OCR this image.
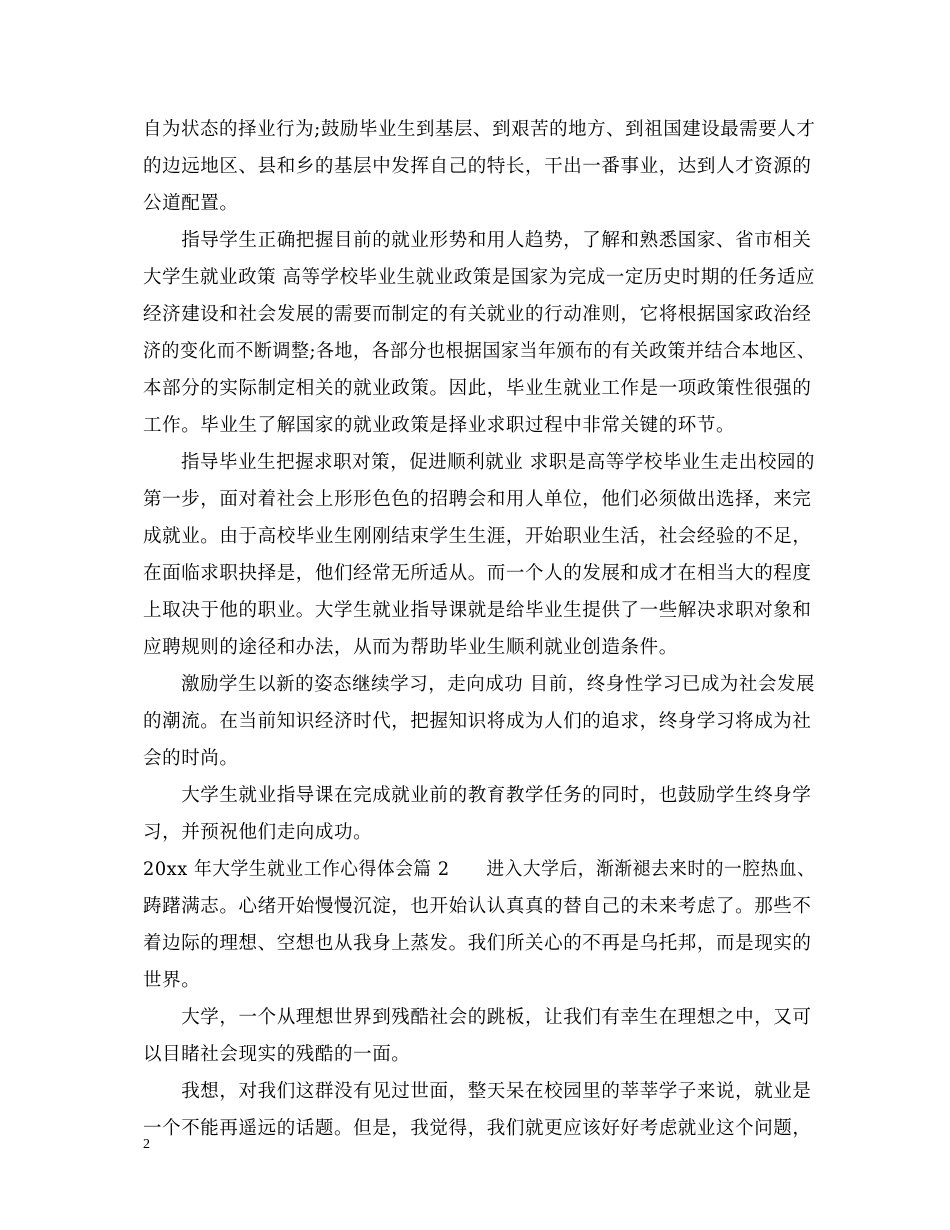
自为状态的择业行为;鼓励毕业生到基层、到艰苦的地方、到祖国建设最需要人才
的边远地区、县和乡的基层中发挥自己的特长，干出一番事业，达到人才资源的
公道配置。
　　指导学生正确把握目前的就业形势和用人趋势，了解和熟悉国家、省市相关
大学生就业政策 高等学校毕业生就业政策是国家为完成一定历史时期的任务适应
经济建设和社会发展的需要而制定的有关就业的行动准则，它将根据国家政治经
济的变化而不断调整;各地，各部分也根据国家当年颁布的有关政策并结合本地区、
本部分的实际制定相关的就业政策。因此，毕业生就业工作是一项政策性很强的
工作。毕业生了解国家的就业政策是择业求职过程中非常关键的环节。
　　指导毕业生把握求职对策，促进顺利就业 求职是高等学校毕业生走出校园的
第一步，面对着社会上形形色色的招聘会和用人单位，他们必须做出选择，来完
成就业。由于高校毕业生刚刚结束学生生涯，开始职业生活，社会经验的不足，
在面临求职抉择是，他们经常无所适从。而一个人的发展和成才在相当大的程度
上取决于他的职业。大学生就业指导课就是给毕业生提供了一些解决求职对象和
应聘规则的途径和办法，从而为帮助毕业生顺利就业创造条件。
　　激励学生以新的姿态继续学习，走向成功 目前，终身性学习已成为社会发展
的潮流。在当前知识经济时代，把握知识将成为人们的追求，终身学习将成为社
会的时尚。
　　大学生就业指导课在完成就业前的教育教学任务的同时，也鼓励学生终身学
习，并预祝他们走向成功。
20xx 年大学生就业工作心得体会篇 2　　进入大学后，渐渐褪去来时的一腔热血、
踌躇满志。心绪开始慢慢沉淀，也开始认认真真的替自己的未来考虑了。那些不
着边际的理想、空想也从我身上蒸发。我们所关心的不再是乌托邦，而是现实的
世界。
　　大学，一个从理想世界到残酷社会的跳板，让我们有幸生在理想之中，又可
以目睹社会现实的残酷的一面。
　　我想，对我们这群没有见过世面，整天呆在校园里的莘莘学子来说，就业是
一个不能再遥远的话题。但是，我觉得，我们就更应该好好考虑就业这个问题，
2
